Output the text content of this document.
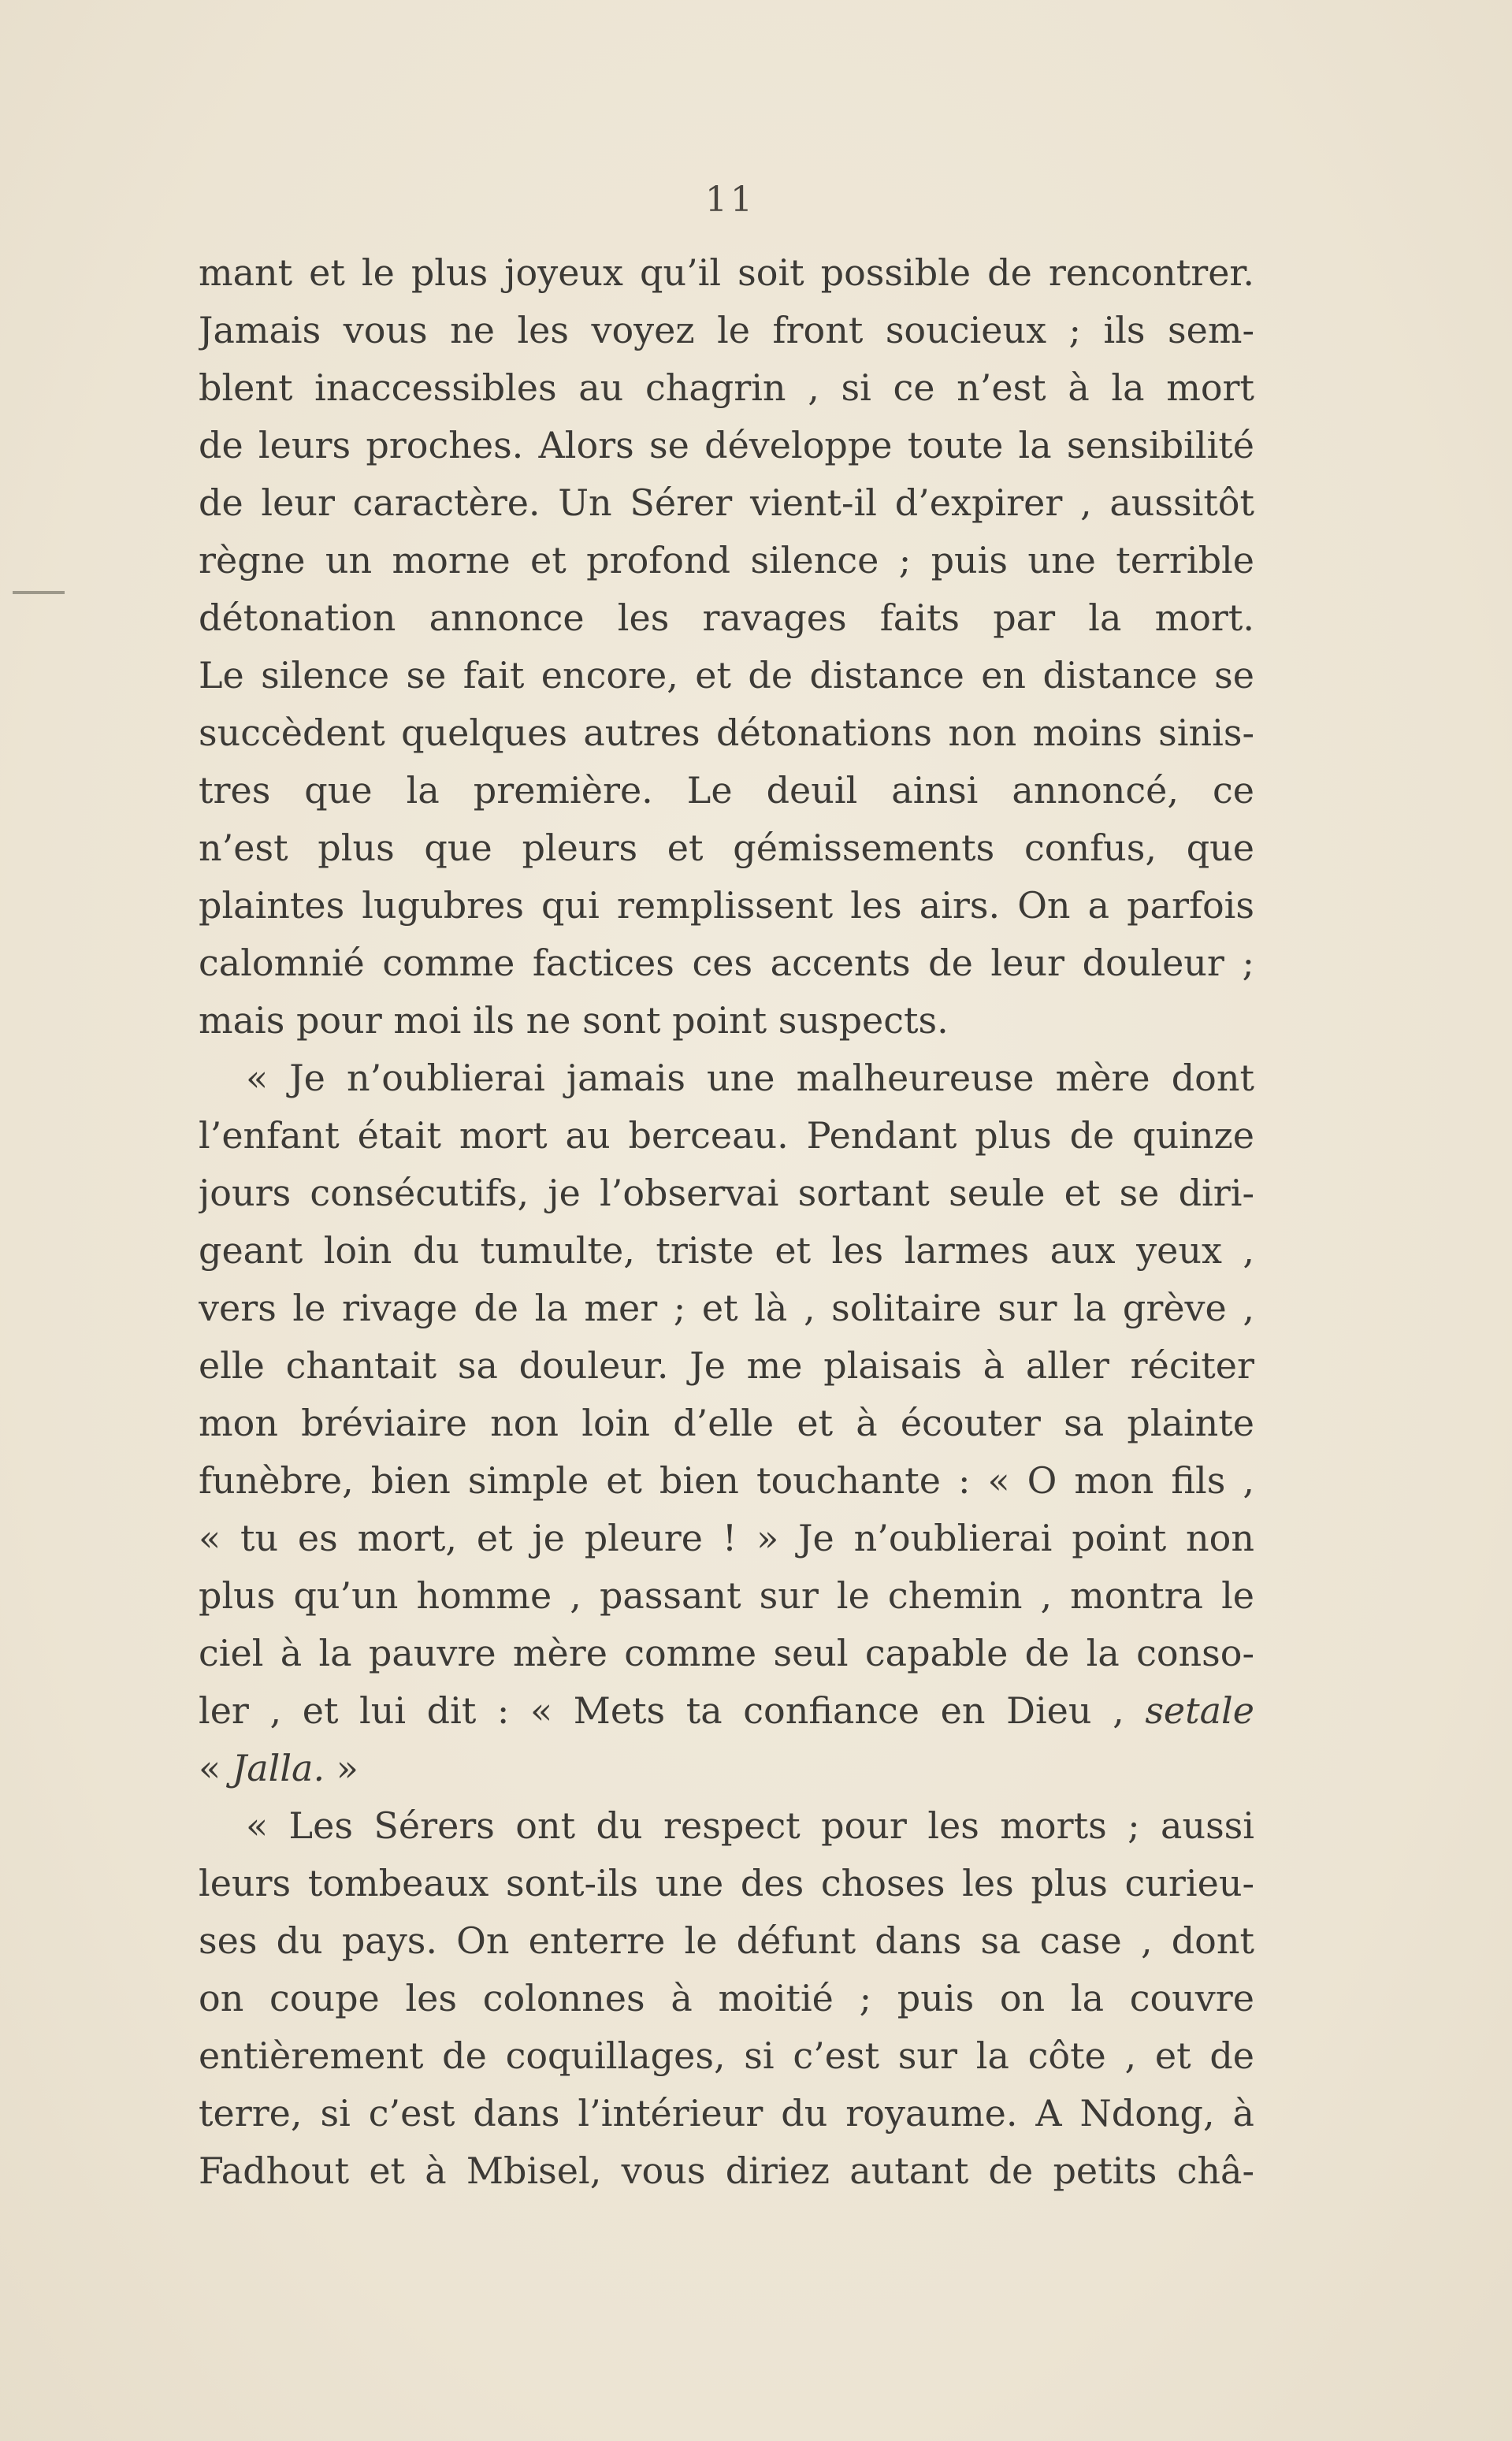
11
mant et le plus joyeux qu’il soit possible de rencontrer.
Jamais vous ne les voyez le front soucieux ; ils sem-
blent inaccessibles au chagrin , si ce n’est à la mort
de leurs proches. Alors se développe toute la sensibilité
de leur caractère. Un Sérer vient-il d’expirer , aussitôt
règne un morne et profond silence ; puis une terrible
détonation annonce les ravages faits par la mort.
Le silence se fait encore, et de distance en distance se
succèdent quelques autres détonations non moins sinis-
tres que la première. Le deuil ainsi annoncé, ce
n’est plus que pleurs et gémissements confus, que
plaintes lugubres qui remplissent les airs. On a parfois
calomnié comme factices ces accents de leur douleur ;
mais pour moi ils ne sont point suspects.
« Je n’oublierai jamais une malheureuse mère dont
l’enfant était mort au berceau. Pendant plus de quinze
jours consécutifs, je l’observai sortant seule et se diri-
geant loin du tumulte, triste et les larmes aux yeux ,
vers le rivage de la mer ; et là , solitaire sur la grève ,
elle chantait sa douleur. Je me plaisais à aller réciter
mon bréviaire non loin d’elle et à écouter sa plainte
funèbre, bien simple et bien touchante : « O mon fils ,
« tu es mort, et je pleure ! » Je n’oublierai point non
plus qu’un homme , passant sur le chemin , montra le
ciel à la pauvre mère comme seul capable de la conso-
ler , et lui dit : « Mets ta confiance en Dieu , setale
« Jalla. »
« Les Sérers ont du respect pour les morts ; aussi
leurs tombeaux sont-ils une des choses les plus curieu-
ses du pays. On enterre le défunt dans sa case , dont
on coupe les colonnes à moitié ; puis on la couvre
entièrement de coquillages, si c’est sur la côte , et de
terre, si c’est dans l’intérieur du royaume. A Ndong, à
Fadhout et à Mbisel, vous diriez autant de petits châ-
